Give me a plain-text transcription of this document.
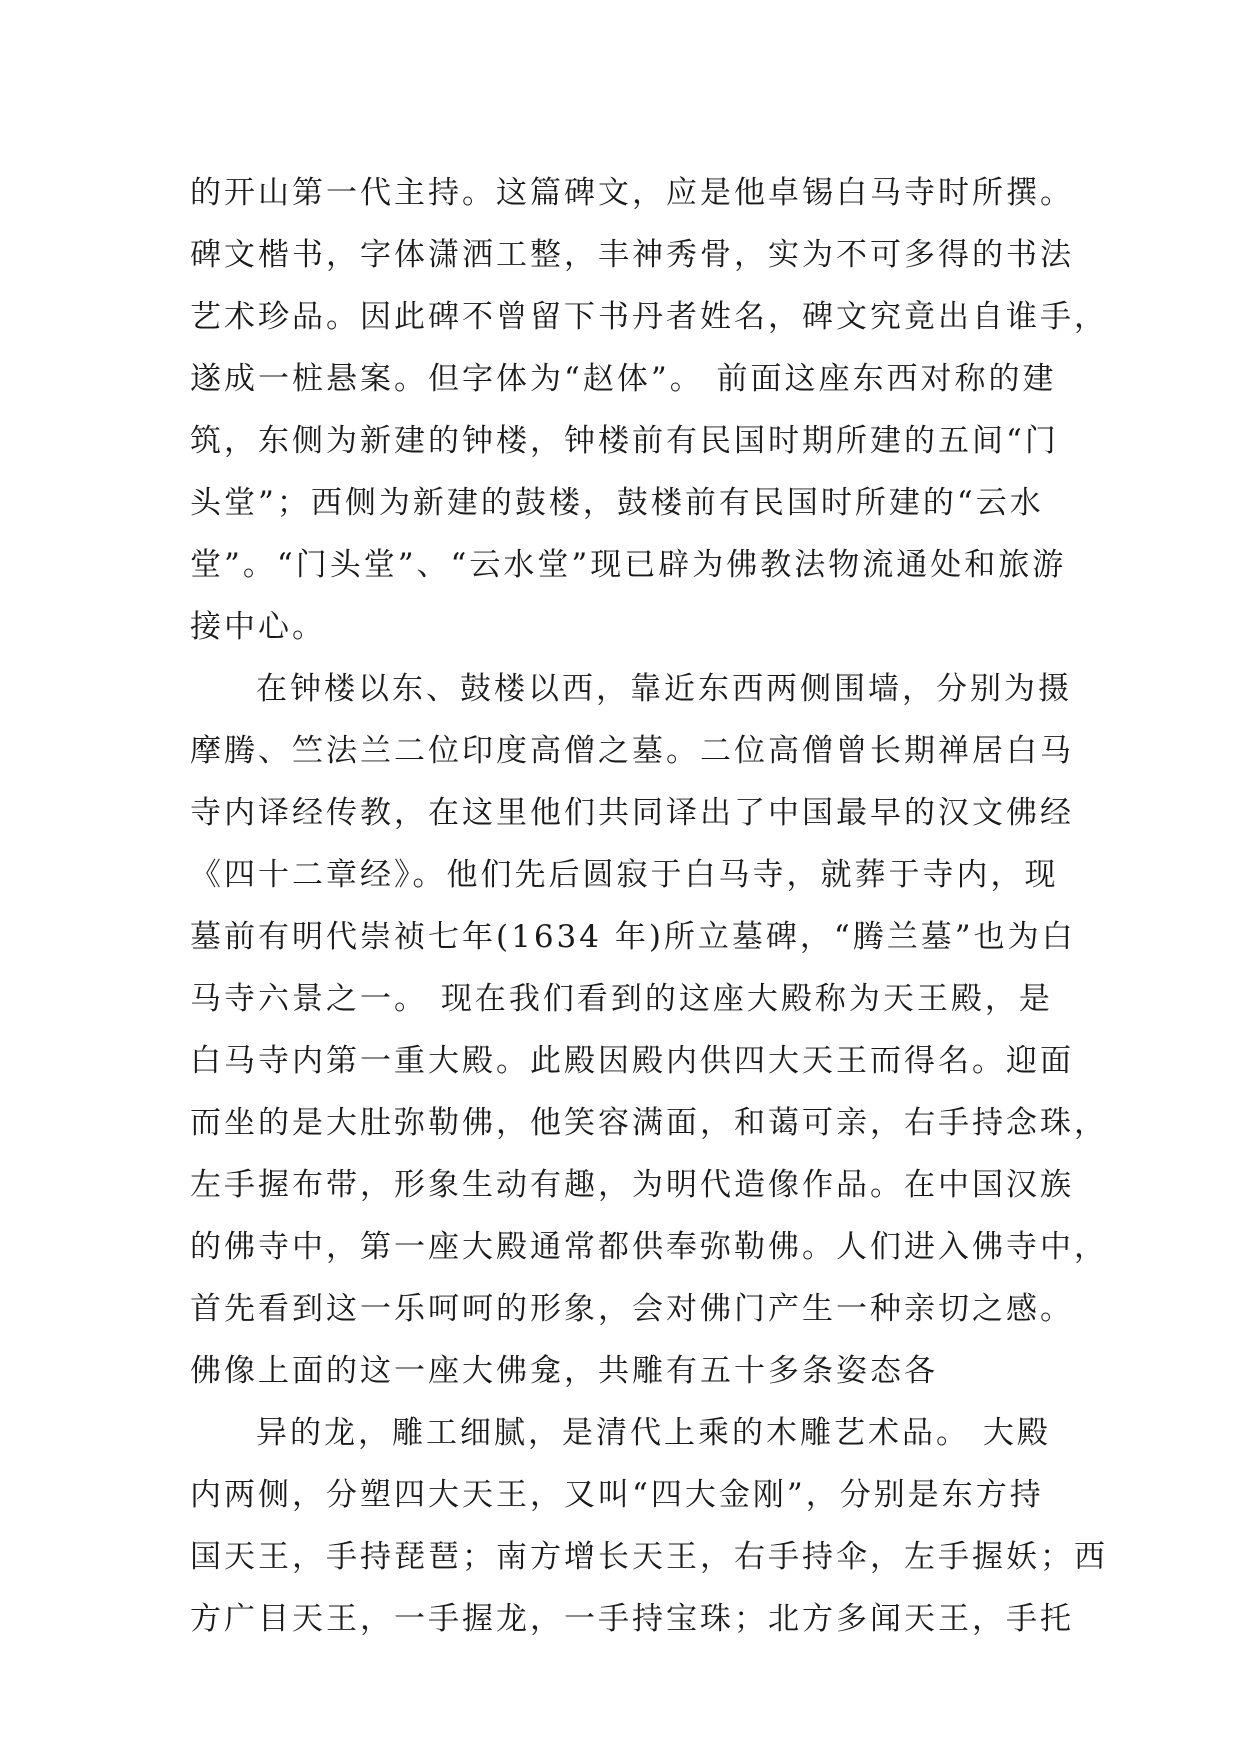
的开山第一代主持。这篇碑文，应是他卓锡白马寺时所撰。
碑文楷书，字体潇洒工整，丰神秀骨，实为不可多得的书法
艺术珍品。因此碑不曾留下书丹者姓名，碑文究竟出自谁手，
遂成一桩悬案。但字体为“赵体”。 前面这座东西对称的建
筑，东侧为新建的钟楼，钟楼前有民国时期所建的五间“门
头堂”；西侧为新建的鼓楼，鼓楼前有民国时所建的“云水
堂”。“门头堂”、“云水堂”现已辟为佛教法物流通处和旅游
接中心。
在钟楼以东、鼓楼以西，靠近东西两侧围墙，分别为摄
摩腾、竺法兰二位印度高僧之墓。二位高僧曾长期禅居白马
寺内译经传教，在这里他们共同译出了中国最早的汉文佛经
《四十二章经》。他们先后圆寂于白马寺，就葬于寺内，现
墓前有明代崇祯七年(1634 年)所立墓碑，“腾兰墓”也为白
马寺六景之一。 现在我们看到的这座大殿称为天王殿，是
白马寺内第一重大殿。此殿因殿内供四大天王而得名。迎面
而坐的是大肚弥勒佛，他笑容满面，和蔼可亲，右手持念珠，
左手握布带，形象生动有趣，为明代造像作品。在中国汉族
的佛寺中，第一座大殿通常都供奉弥勒佛。人们进入佛寺中，
首先看到这一乐呵呵的形象，会对佛门产生一种亲切之感。
佛像上面的这一座大佛龛，共雕有五十多条姿态各
异的龙，雕工细腻，是清代上乘的木雕艺术品。 大殿
内两侧，分塑四大天王，又叫“四大金刚”，分别是东方持
国天王，手持琵琶；南方增长天王，右手持伞，左手握妖；西
方广目天王，一手握龙，一手持宝珠；北方多闻天王，手托
